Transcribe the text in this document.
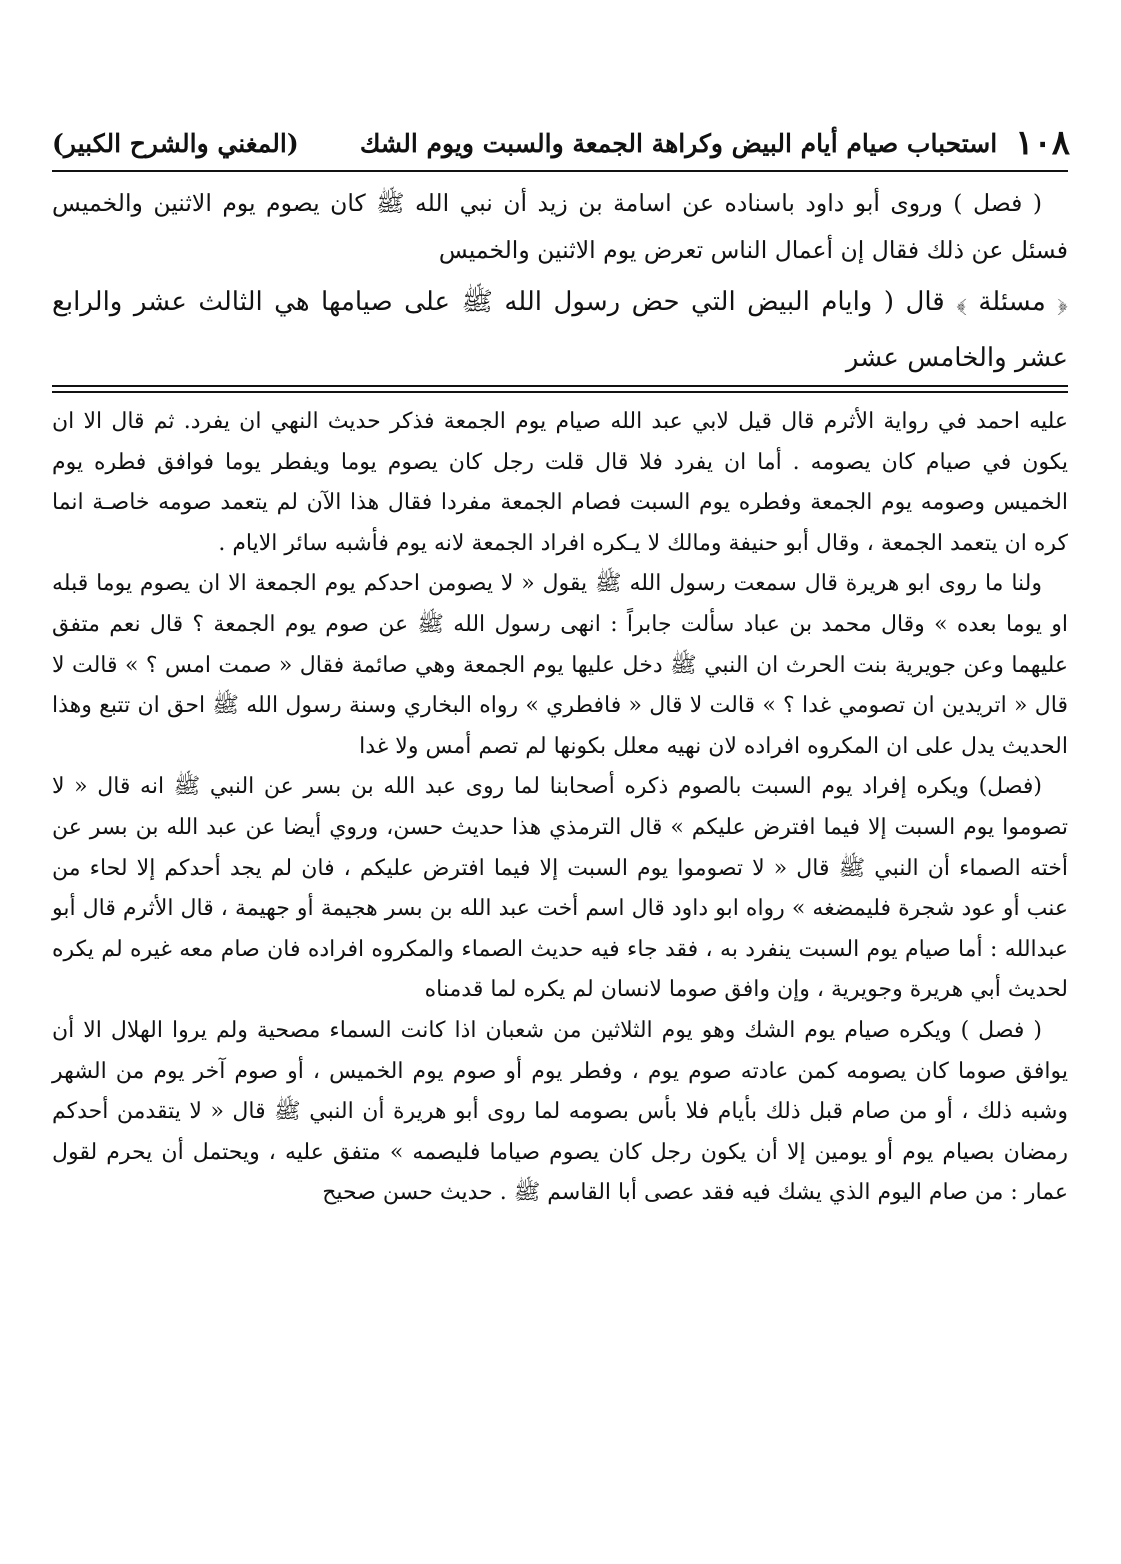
١٠٨
استحباب صيام أيام البيض وكراهة الجمعة والسبت ويوم الشك
(المغني والشرح الكبير)

( فصل ) وروى أبو داود باسناده عن اسامة بن زيد أن نبي الله ﷺ كان يصوم يوم الاثنين والخميس فسئل عن ذلك فقال إن أعمال الناس تعرض يوم الاثنين والخميس

﴿ مسئلة ﴾ قال ( وايام البيض التي حض رسول الله ﷺ على صيامها هي الثالث عشر والرابع عشر والخامس عشر

عليه احمد في رواية الأثرم قال قيل لابي عبد الله صيام يوم الجمعة فذكر حديث النهي ان يفرد. ثم قال الا ان يكون في صيام كان يصومه . أما ان يفرد فلا قال قلت رجل كان يصوم يوما ويفطر يوما فوافق فطره يوم الخميس وصومه يوم الجمعة وفطره يوم السبت فصام الجمعة مفردا فقال هذا الآن لم يتعمد صومه خاصـة انما كره ان يتعمد الجمعة ، وقال أبو حنيفة ومالك لا يـكره افراد الجمعة لانه يوم فأشبه سائر الايام .

ولنا ما روى ابو هريرة قال سمعت رسول الله ﷺ يقول « لا يصومن احدكم يوم الجمعة الا ان يصوم يوما قبله او يوما بعده » وقال محمد بن عباد سألت جابراً : انهى رسول الله ﷺ عن صوم يوم الجمعة ؟ قال نعم متفق عليهما وعن جويرية بنت الحرث ان النبي ﷺ دخل عليها يوم الجمعة وهي صائمة فقال « صمت امس ؟ » قالت لا قال « اتريدين ان تصومي غدا ؟ » قالت لا قال « فافطري » رواه البخاري وسنة رسول الله ﷺ احق ان تتبع وهذا الحديث يدل على ان المكروه افراده لان نهيه معلل بكونها لم تصم أمس ولا غدا

(فصل) ويكره إفراد يوم السبت بالصوم ذكره أصحابنا لما روى عبد الله بن بسر عن النبي ﷺ انه قال « لا تصوموا يوم السبت إلا فيما افترض عليكم » قال الترمذي هذا حديث حسن، وروي أيضا عن عبد الله بن بسر عن أخته الصماء أن النبي ﷺ قال « لا تصوموا يوم السبت إلا فيما افترض عليكم ، فان لم يجد أحدكم إلا لحاء من عنب أو عود شجرة فليمضغه » رواه ابو داود قال اسم أخت عبد الله بن بسر هجيمة أو جهيمة ، قال الأثرم قال أبو عبدالله : أما صيام يوم السبت ينفرد به ، فقد جاء فيه حديث الصماء والمكروه افراده فان صام معه غيره لم يكره لحديث أبي هريرة وجويرية ، وإن وافق صوما لانسان لم يكره لما قدمناه

( فصل ) ويكره صيام يوم الشك وهو يوم الثلاثين من شعبان اذا كانت السماء مصحية ولم يروا الهلال الا أن يوافق صوما كان يصومه كمن عادته صوم يوم ، وفطر يوم أو صوم يوم الخميس ، أو صوم آخر يوم من الشهر وشبه ذلك ، أو من صام قبل ذلك بأيام فلا بأس بصومه لما روى أبو هريرة أن النبي ﷺ قال « لا يتقدمن أحدكم رمضان بصيام يوم أو يومين إلا أن يكون رجل كان يصوم صياما فليصمه » متفق عليه ، ويحتمل أن يحرم لقول عمار : من صام اليوم الذي يشك فيه فقد عصى أبا القاسم ﷺ . حديث حسن صحيح
